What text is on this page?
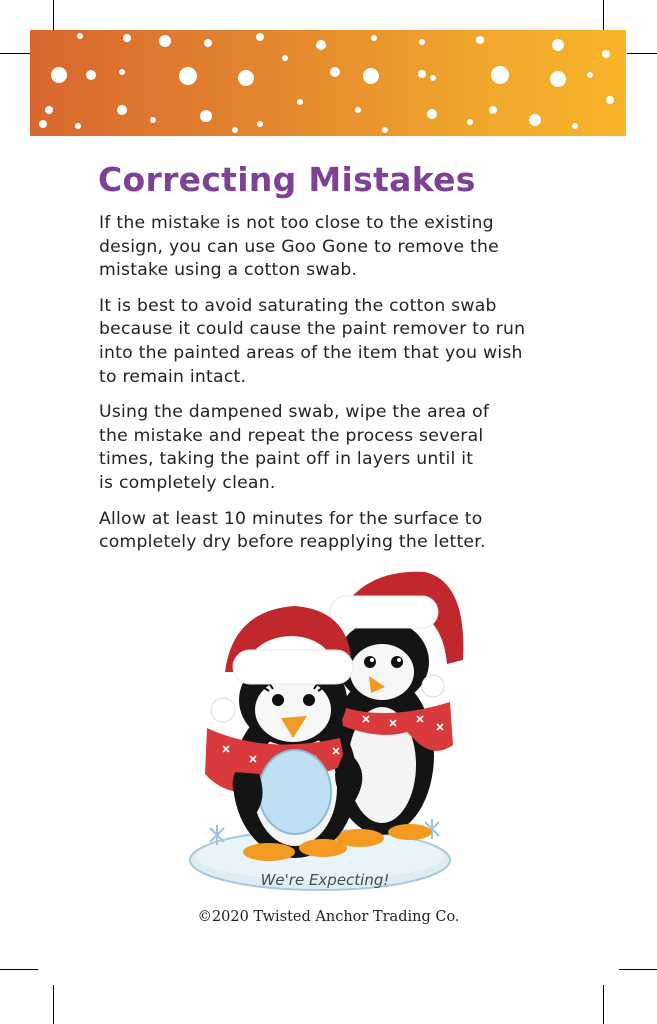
Correcting Mistakes

If the mistake is not too close to the existing
design, you can use Goo Gone to remove the
mistake using a cotton swab.

It is best to avoid saturating the cotton swab
because it could cause the paint remover to run
into the painted areas of the item that you wish
to remain intact.

Using the dampened swab, wipe the area of
the mistake and repeat the process several
times, taking the paint off in layers until it
is completely clean.

Allow at least 10 minutes for the surface to
completely dry before reapplying the letter.

We're Expecting!
©2020 Twisted Anchor Trading Co.
